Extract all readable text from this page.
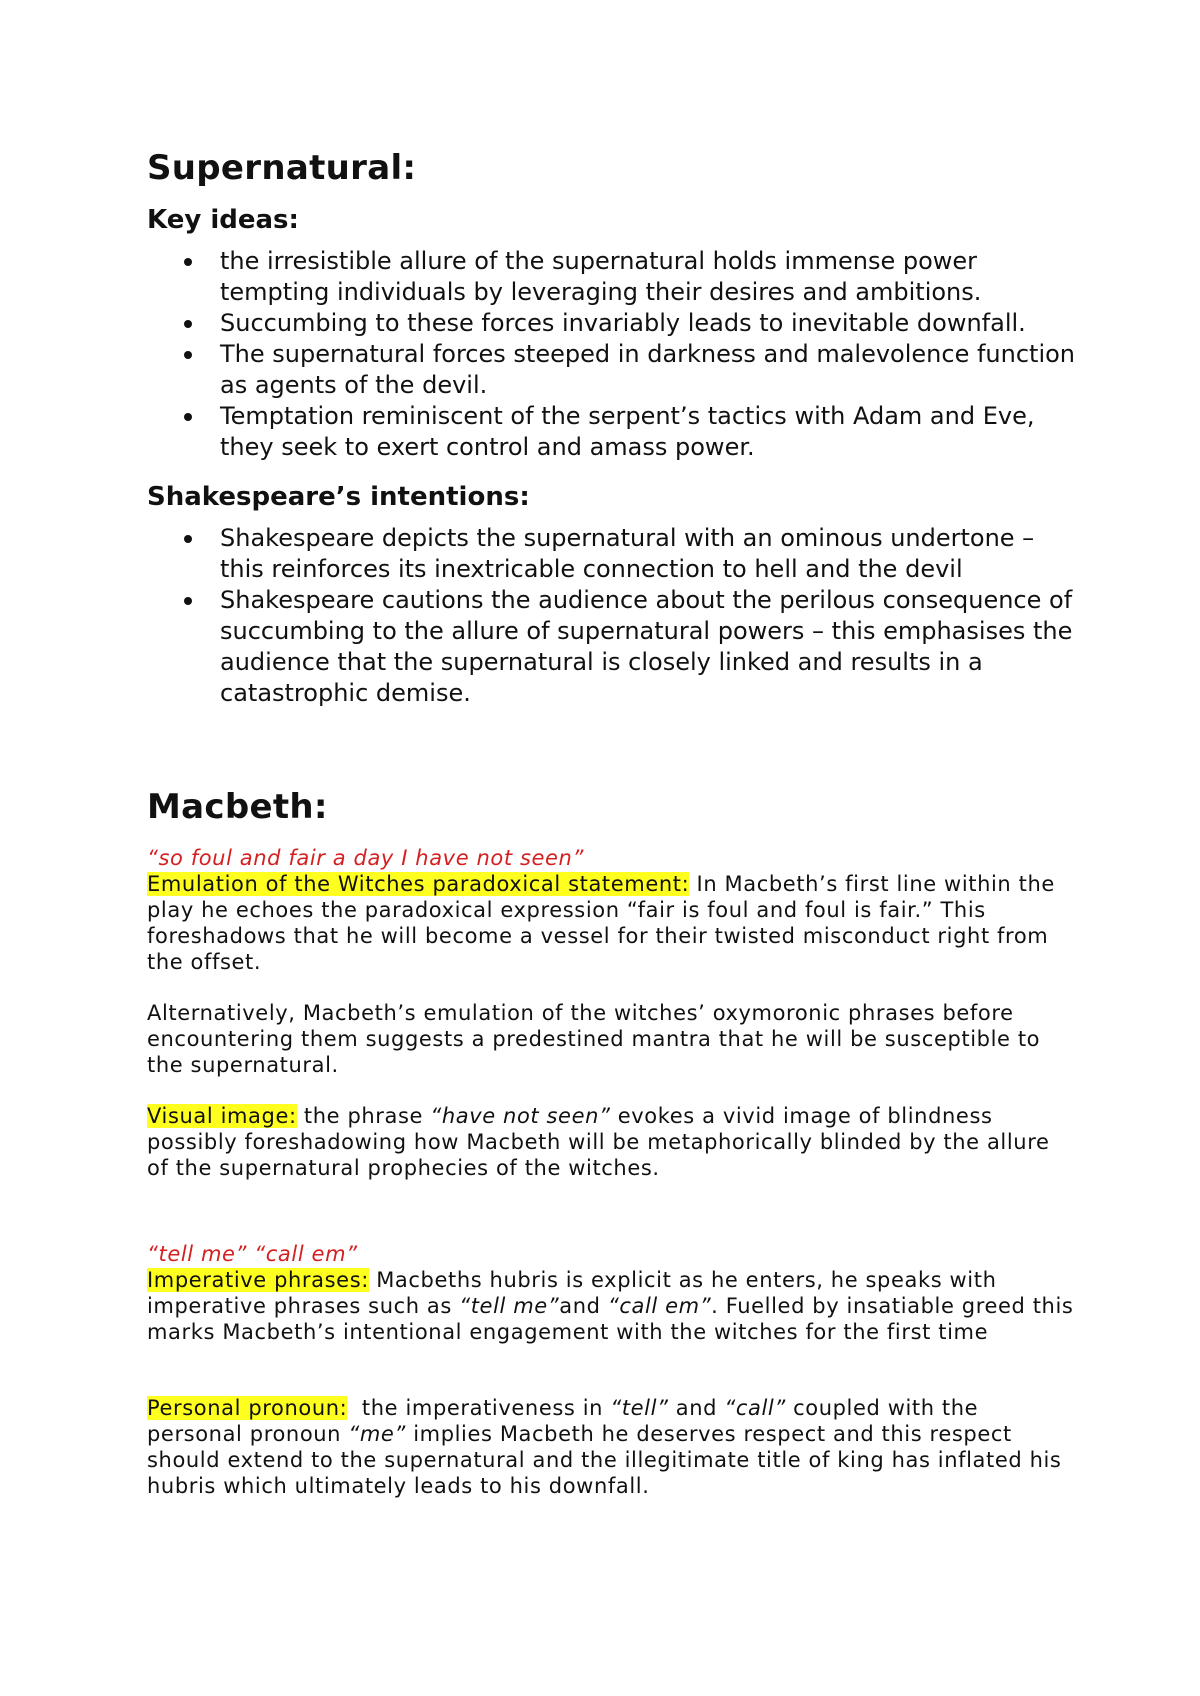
Supernatural:
Key ideas:
the irresistible allure of the supernatural holds immense power tempting individuals by leveraging their desires and ambitions.
Succumbing to these forces invariably leads to inevitable downfall.
The supernatural forces steeped in darkness and malevolence function as agents of the devil.
Temptation reminiscent of the serpent’s tactics with Adam and Eve, they seek to exert control and amass power.
Shakespeare’s intentions:
Shakespeare depicts the supernatural with an ominous undertone – this reinforces its inextricable connection to hell and the devil
Shakespeare cautions the audience about the perilous consequence of succumbing to the allure of supernatural powers – this emphasises the audience that the supernatural is closely linked and results in a catastrophic demise.
Macbeth:

“so foul and fair a day I have not seen”

Emulation of the Witches paradoxical statement: In Macbeth’s first line within the play he echoes the paradoxical expression “fair is foul and foul is fair.” This foreshadows that he will become a vessel for their twisted misconduct right from the offset.

Alternatively, Macbeth’s emulation of the witches’ oxymoronic phrases before encountering them suggests a predestined mantra that he will be susceptible to the supernatural.

Visual image: the phrase “have not seen” evokes a vivid image of blindness possibly foreshadowing how Macbeth will be metaphorically blinded by the allure of the supernatural prophecies of the witches.

“tell me” “call em”

Imperative phrases: Macbeths hubris is explicit as he enters, he speaks with imperative phrases such as “tell me”and “call em”. Fuelled by insatiable greed this marks Macbeth’s intentional engagement with the witches for the first time

Personal pronoun:  the imperativeness in “tell” and “call” coupled with the personal pronoun “me” implies Macbeth he deserves respect and this respect should extend to the supernatural and the illegitimate title of king has inflated his hubris which ultimately leads to his downfall.
